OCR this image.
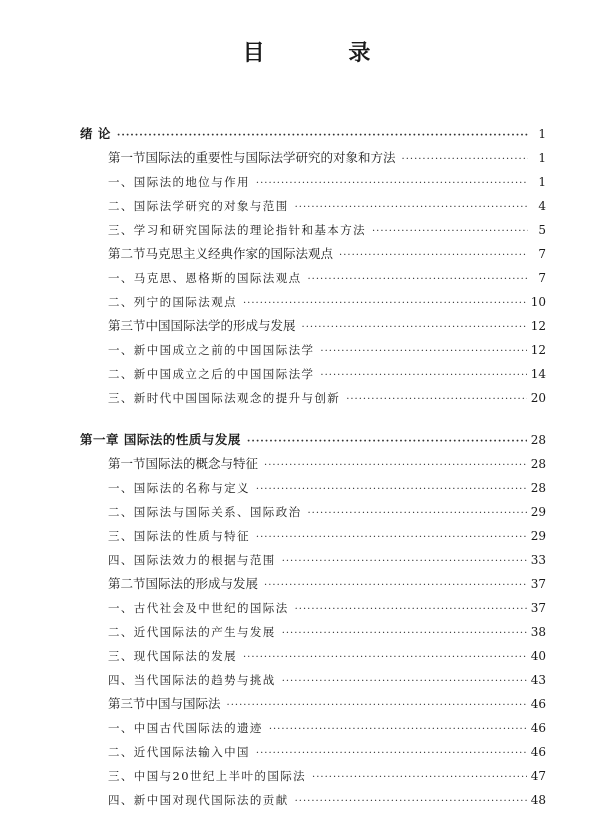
目 录
绪 论 ·····	1
第一节 国际法的重要性与国际法学研究的对象和方法 ·····	1
一、国际法的地位与作用 ·····	1
二、国际法学研究的对象与范围 ·····	4
三、学习和研究国际法的理论指针和基本方法 ·····	5
第二节 马克思主义经典作家的国际法观点 ·····	7
一、马克思、恩格斯的国际法观点 ·····	7
二、列宁的国际法观点 ·····	10
第三节 中国国际法学的形成与发展 ·····	12
一、新中国成立之前的中国国际法学 ·····	12
二、新中国成立之后的中国国际法学 ·····	14
三、新时代中国国际法观念的提升与创新 ·····	20
第一章 国际法的性质与发展 ·····	28
第一节 国际法的概念与特征 ·····	28
一、国际法的名称与定义 ·····	28
二、国际法与国际关系、国际政治 ·····	29
三、国际法的性质与特征 ·····	29
四、国际法效力的根据与范围 ·····	33
第二节 国际法的形成与发展 ·····	37
一、古代社会及中世纪的国际法 ·····	37
二、近代国际法的产生与发展 ·····	38
三、现代国际法的发展 ·····	40
四、当代国际法的趋势与挑战 ·····	43
第三节 中国与国际法 ·····	46
一、中国古代国际法的遗迹 ·····	46
二、近代国际法输入中国 ·····	46
三、中国与20世纪上半叶的国际法 ·····	47
四、新中国对现代国际法的贡献 ·····	48
